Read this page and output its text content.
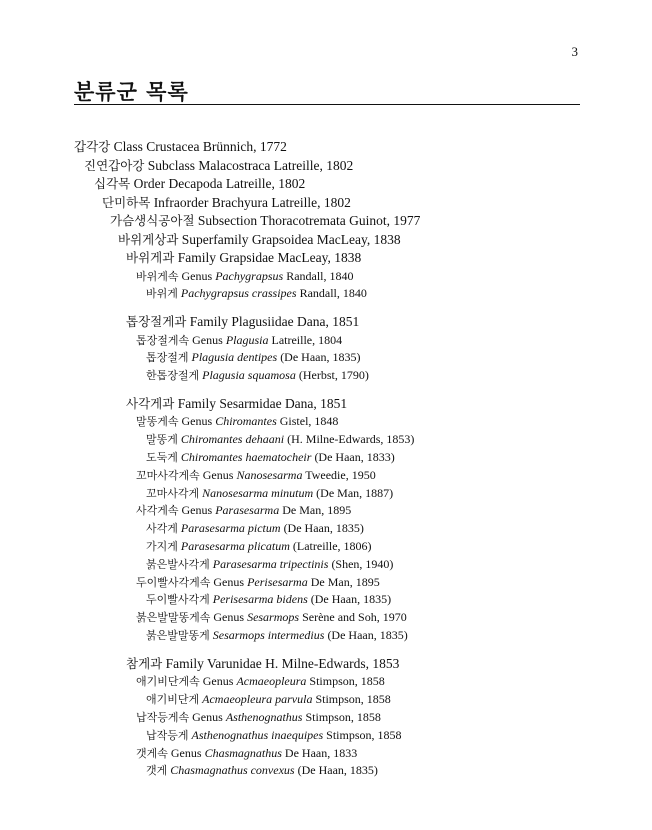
3
분류군 목록
갑각강 Class Crustacea Brünnich, 1772
진연갑아강 Subclass Malacostraca Latreille, 1802
십각목 Order Decapoda Latreille, 1802
단미하목 Infraorder Brachyura Latreille, 1802
가슴생식공아절 Subsection Thoracotremata Guinot, 1977
바위게상과 Superfamily Grapsoidea MacLeay, 1838
바위게과 Family Grapsidae MacLeay, 1838
바위게속 Genus Pachygrapsus Randall, 1840
바위게 Pachygrapsus crassipes Randall, 1840
톱장절게과 Family Plagusiidae Dana, 1851
톱장절게속 Genus Plagusia Latreille, 1804
톱장절게 Plagusia dentipes (De Haan, 1835)
한톱장절게 Plagusia squamosa (Herbst, 1790)
사각게과 Family Sesarmidae Dana, 1851
말똥게속 Genus Chiromantes Gistel, 1848
말똥게 Chiromantes dehaani (H. Milne-Edwards, 1853)
도둑게 Chiromantes haematocheir (De Haan, 1833)
꼬마사각게속 Genus Nanosesarma Tweedie, 1950
꼬마사각게 Nanosesarma minutum (De Man, 1887)
사각게속 Genus Parasesarma De Man, 1895
사각게 Parasesarma pictum (De Haan, 1835)
가지게 Parasesarma plicatum (Latreille, 1806)
붉은발사각게 Parasesarma tripectinis (Shen, 1940)
두이빨사각게속 Genus Perisesarma De Man, 1895
두이빨사각게 Perisesarma bidens (De Haan, 1835)
붉은발말똥게속 Genus Sesarmops Serène and Soh, 1970
붉은발말똥게 Sesarmops intermedius (De Haan, 1835)
참게과 Family Varunidae H. Milne-Edwards, 1853
애기비단게속 Genus Acmaeopleura Stimpson, 1858
애기비단게 Acmaeopleura parvula Stimpson, 1858
납작등게속 Genus Asthenognathus Stimpson, 1858
납작등게 Asthenognathus inaequipes Stimpson, 1858
갯게속 Genus Chasmagnathus De Haan, 1833
갯게 Chasmagnathus convexus (De Haan, 1835)
